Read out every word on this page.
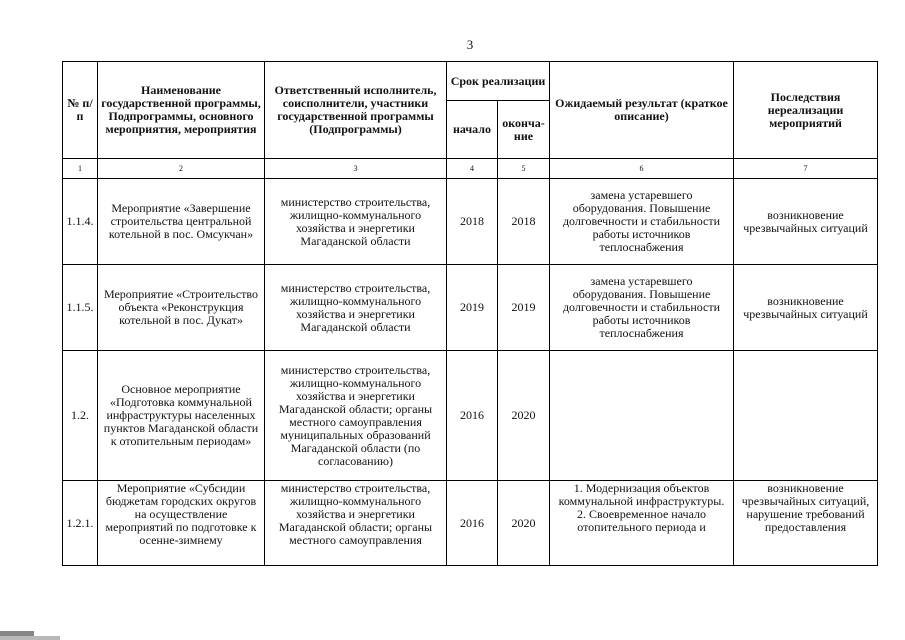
3
№ п/п	Наименование государственной программы, Подпрограммы, основного мероприятия, мероприятия	Ответственный исполнитель, соисполнители, участники государственной программы (Подпрограммы)	Срок реализации		Ожидаемый результат (краткое описание)	Последствия нереализации мероприятий
			начало	оконча-ние		
1	2	3	4	5	6	7
1.1.4.	Мероприятие «Завершение строительства центральной котельной в пос. Омсукчан»	министерство строительства, жилищно-коммунального хозяйства и энергетики Магаданской области	2018	2018	замена устаревшего оборудования. Повышение долговечности и стабильности работы источников теплоснабжения	возникновение чрезвычайных ситуаций
1.1.5.	Мероприятие «Строительство объекта «Реконструкция котельной в пос. Дукат»	министерство строительства, жилищно-коммунального хозяйства и энергетики Магаданской области	2019	2019	замена устаревшего оборудования. Повышение долговечности и стабильности работы источников теплоснабжения	возникновение чрезвычайных ситуаций
1.2.	Основное мероприятие «Подготовка коммунальной инфраструктуры населенных пунктов Магаданской области к отопительным периодам»	министерство строительства, жилищно-коммунального хозяйства и энергетики Магаданской области; органы местного самоуправления муниципальных образований Магаданской области (по согласованию)	2016	2020		
1.2.1.	Мероприятие «Субсидии бюджетам городских округов на осуществление мероприятий по подготовке к осенне-зимнему	министерство строительства, жилищно-коммунального хозяйства и энергетики Магаданской области; органы местного самоуправления	2016	2020	1. Модернизация объектов коммунальной инфраструктуры. 2. Своевременное начало отопительного периода и	возникновение чрезвычайных ситуаций, нарушение требований предоставления
